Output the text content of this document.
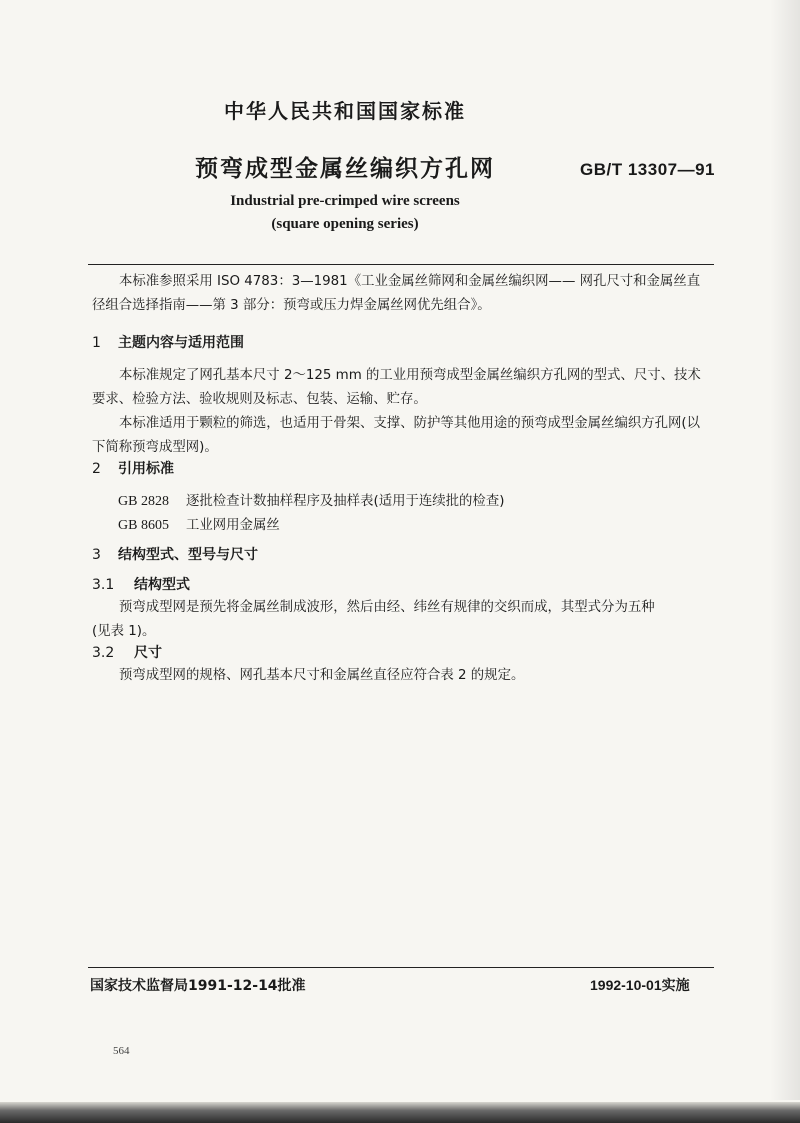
中华人民共和国国家标准
预弯成型金属丝编织方孔网	GB/T 13307—91
Industrial pre-crimped wire screens
(square opening series)
本标准参照采用 ISO 4783：3—1981《工业金属丝筛网和金属丝编织网—— 网孔尺寸和金属丝直
径组合选择指南——第 3 部分：预弯或压力焊金属丝网优先组合》。
1 主题内容与适用范围
本标准规定了网孔基本尺寸 2～125 mm 的工业用预弯成型金属丝编织方孔网的型式、尺寸、技术
要求、检验方法、验收规则及标志、包装、运输、贮存。
本标准适用于颗粒的筛选，也适用于骨架、支撑、防护等其他用途的预弯成型金属丝编织方孔网(以
下简称预弯成型网)。
2 引用标准
GB 2828 逐批检查计数抽样程序及抽样表(适用于连续批的检查)
GB 8605 工业网用金属丝
3 结构型式、型号与尺寸
3.1 结构型式
预弯成型网是预先将金属丝制成波形，然后由经、纬丝有规律的交织而成，其型式分为五种
(见表 1)。
3.2 尺寸
预弯成型网的规格、网孔基本尺寸和金属丝直径应符合表 2 的规定。
国家技术监督局1991-12-14批准	1992-10-01实施
564
